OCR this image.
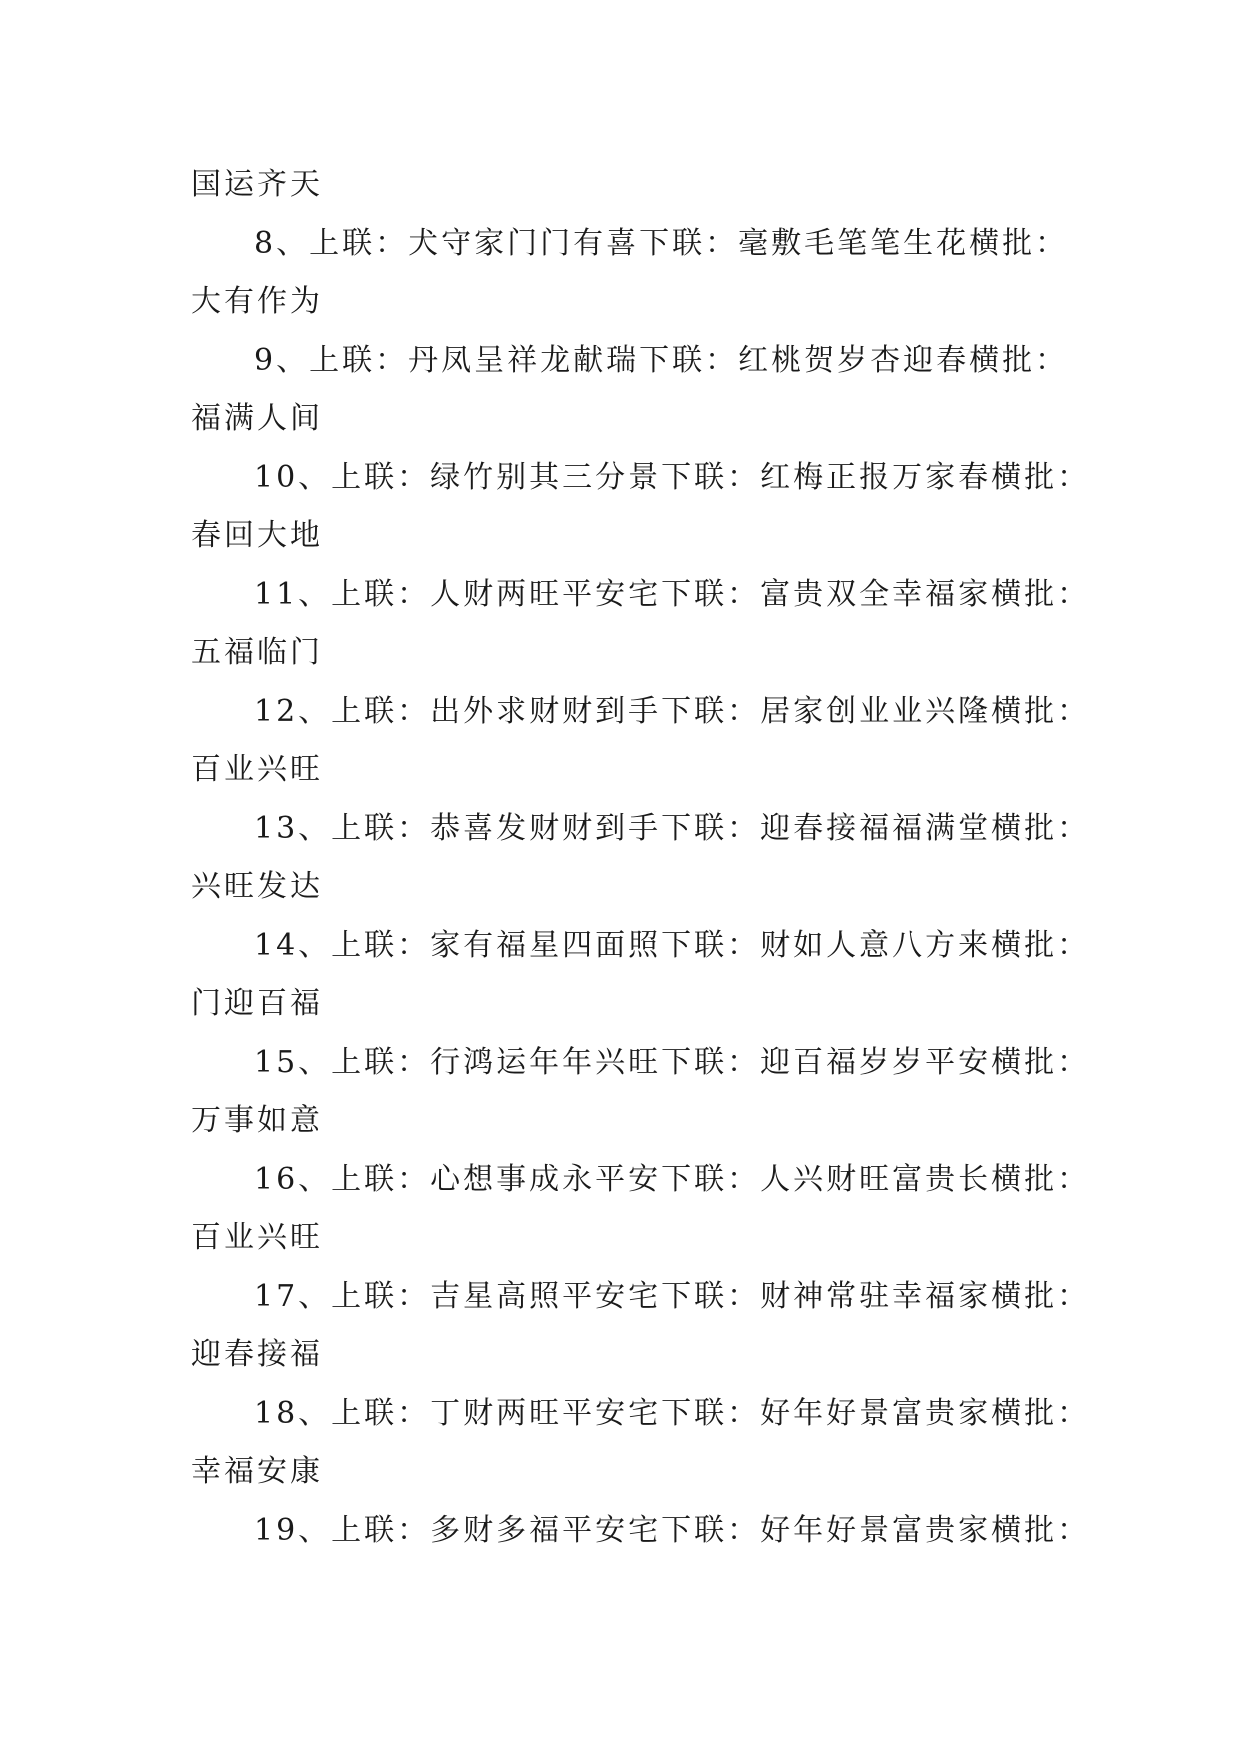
国运齐天
8、上联：犬守家门门有喜下联：毫敷毛笔笔生花横批：
大有作为
9、上联：丹凤呈祥龙献瑞下联：红桃贺岁杏迎春横批：
福满人间
10、上联：绿竹别其三分景下联：红梅正报万家春横批：
春回大地
11、上联：人财两旺平安宅下联：富贵双全幸福家横批：
五福临门
12、上联：出外求财财到手下联：居家创业业兴隆横批：
百业兴旺
13、上联：恭喜发财财到手下联：迎春接福福满堂横批：
兴旺发达
14、上联：家有福星四面照下联：财如人意八方来横批：
门迎百福
15、上联：行鸿运年年兴旺下联：迎百福岁岁平安横批：
万事如意
16、上联：心想事成永平安下联：人兴财旺富贵长横批：
百业兴旺
17、上联：吉星高照平安宅下联：财神常驻幸福家横批：
迎春接福
18、上联：丁财两旺平安宅下联：好年好景富贵家横批：
幸福安康
19、上联：多财多福平安宅下联：好年好景富贵家横批：
